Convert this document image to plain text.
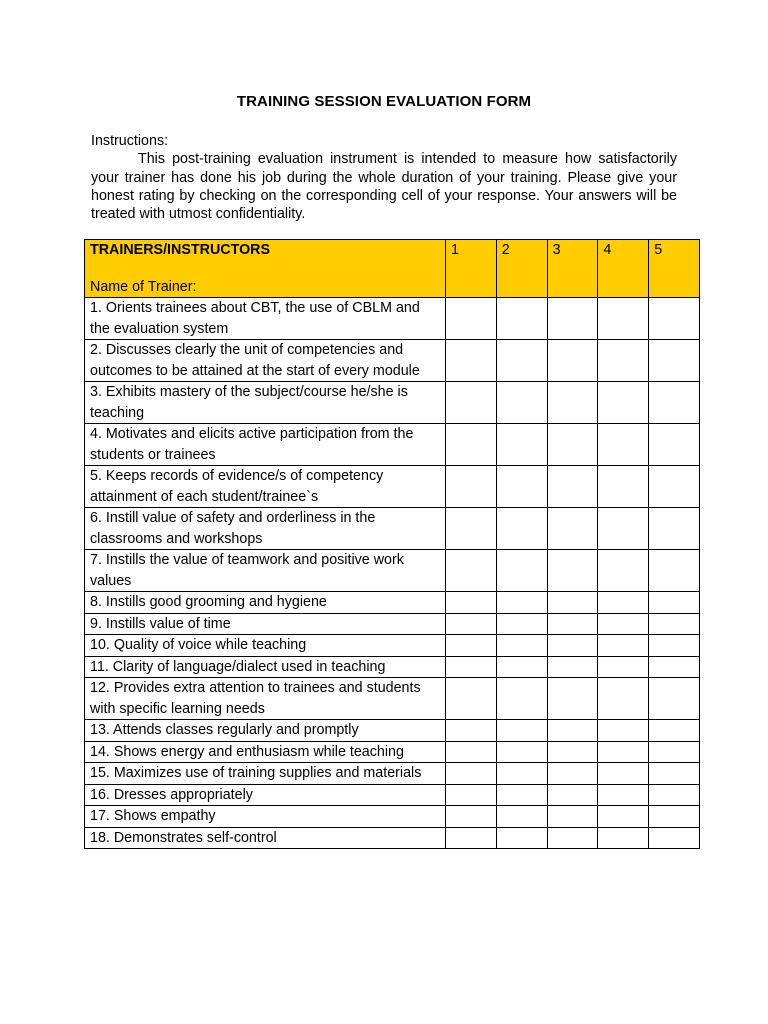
TRAINING SESSION EVALUATION FORM
Instructions:
This post-training evaluation instrument is intended to measure how satisfactorily your trainer has done his job during the whole duration of your training. Please give your honest rating by checking on the corresponding cell of your response. Your answers will be treated with utmost confidentiality.
TRAINERS/INSTRUCTORS
Name of Trainer:	1	2	3	4	5
1. Orients trainees about CBT, the use of CBLM and the evaluation system					
2. Discusses clearly the unit of competencies and outcomes to be attained at the start of every module					
3. Exhibits mastery of the subject/course he/she is teaching					
4. Motivates and elicits active participation from the students or trainees					
5. Keeps records of evidence/s of competency attainment of each student/trainee`s					
6. Instill value of safety and orderliness in the classrooms and workshops					
7. Instills the value of teamwork and positive work values					
8. Instills good grooming and hygiene					
9. Instills value of time					
10. Quality of voice while teaching					
11. Clarity of language/dialect used in teaching					
12. Provides extra attention to trainees and students with specific learning needs					
13. Attends classes regularly and promptly					
14. Shows energy and enthusiasm while teaching					
15. Maximizes use of training supplies and materials					
16. Dresses appropriately					
17. Shows empathy					
18. Demonstrates self-control					
